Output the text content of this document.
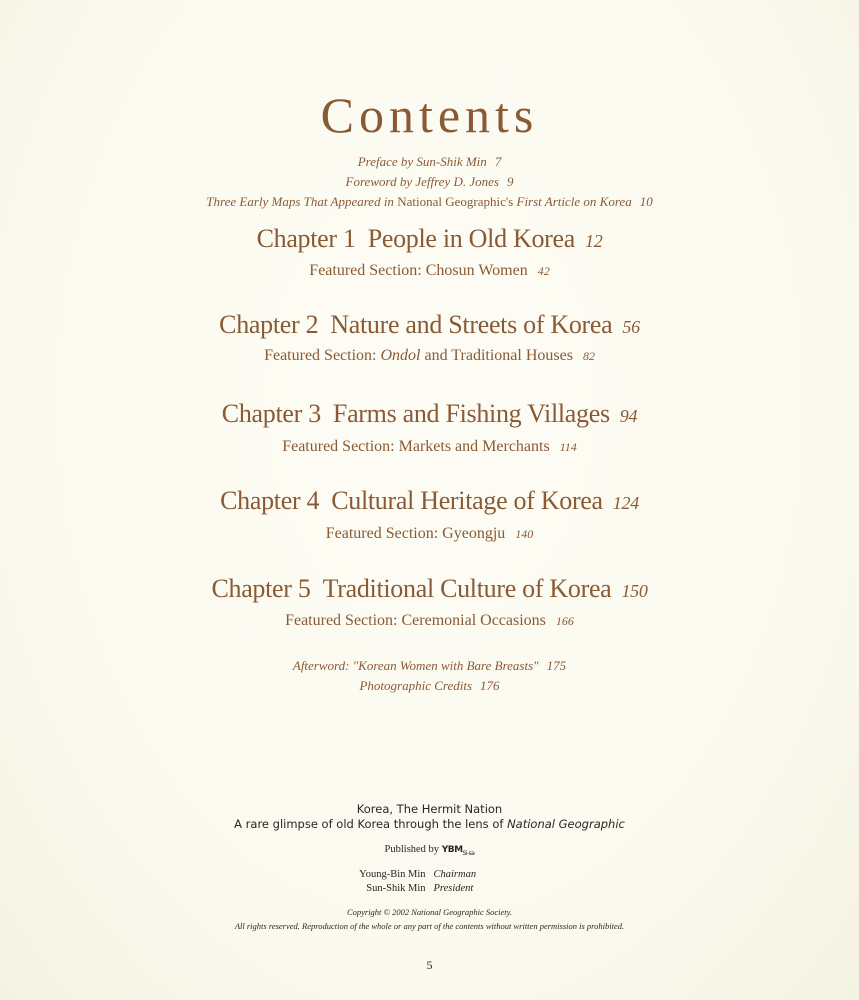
Contents
Preface by Sun-Shik Min 7
Foreword by Jeffrey D. Jones 9
Three Early Maps That Appeared in National Geographic's First Article on Korea 10
Chapter 1 People in Old Korea 12
Featured Section: Chosun Women 42
Chapter 2 Nature and Streets of Korea 56
Featured Section: Ondol and Traditional Houses 82
Chapter 3 Farms and Fishing Villages 94
Featured Section: Markets and Merchants 114
Chapter 4 Cultural Heritage of Korea 124
Featured Section: Gyeongju 140
Chapter 5 Traditional Culture of Korea 150
Featured Section: Ceremonial Occasions 166
Afterword: "Korean Women with Bare Breasts" 175
Photographic Credits 176
Korea, The Hermit Nation
A rare glimpse of old Korea through the lens of National Geographic
Published by $YBM_{Si-sa}$
Young-Bin Min Chairman
Sun-Shik Min President
Copyright © 2002 National Geographic Society.
All rights reserved. Reproduction of the whole or any part of the contents without written permission is prohibited.
5
